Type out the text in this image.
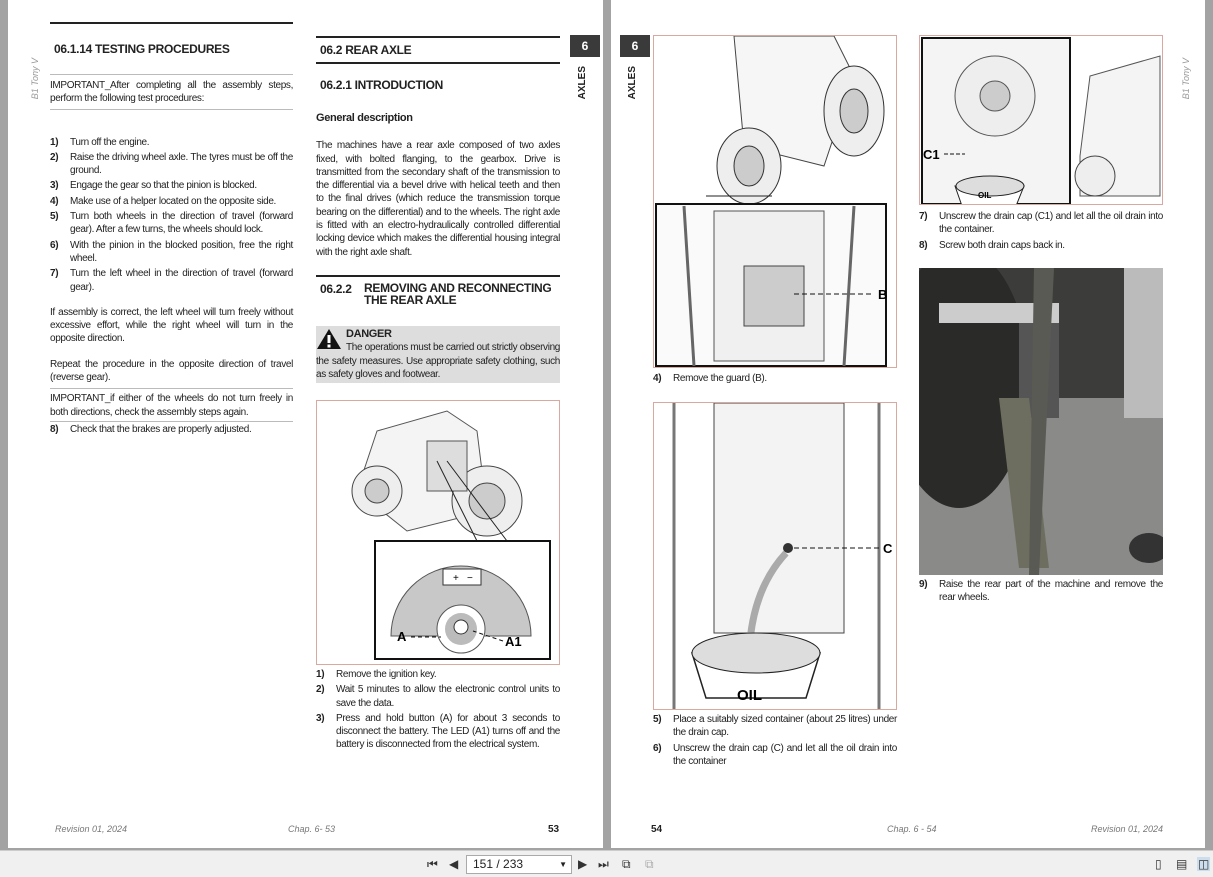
B1 Tony V
06.1.14 TESTING PROCEDURES
IMPORTANT_After completing all the assembly steps, perform the following test procedures:
1)	Turn off the engine.
2)	Raise the driving wheel axle. The tyres must be off the ground.
3)	Engage the gear so that the pinion is blocked.
4)	Make use of a helper located on the opposite side.
5)	Turn both wheels in the direction of travel (forward gear). After a few turns, the wheels should lock.
6)	With the pinion in the blocked position, free the right wheel.
7)	Turn the left wheel in the direction of travel (forward gear).
If assembly is correct, the left wheel will turn freely without excessive effort, while the right wheel will turn in the opposite direction.
Repeat the procedure in the opposite direction of travel (reverse gear).
IMPORTANT_if either of the wheels do not turn freely in both directions, check the assembly steps again.
8)	Check that the brakes are properly adjusted.
06.2 REAR AXLE
06.2.1 INTRODUCTION
General description
The machines have a rear axle composed of two axles fixed, with bolted flanging, to the gearbox. Drive is transmitted from the secondary shaft of the transmission to the differential via a bevel drive with helical teeth and then to the final drives (which reduce the transmission torque bearing on the differential) and to the wheels. The right axle is fitted with an electro-hydraulically controlled differential locking device which makes the differential housing integral with the right axle shaft.
06.2.2	REMOVING AND RECONNECTING THE REAR AXLE
DANGER
The operations must be carried out strictly observing the safety measures. Use appropriate safety clothing, such as safety gloves and footwear.
+ −
A	A1
1)	Remove the ignition key.
2)	Wait 5 minutes to allow the electronic control units to save the data.
3)	Press and hold button (A) for about 3 seconds to disconnect the battery. The LED (A1) turns off and the battery is disconnected from the electrical system.
6
AXLES
Revision 01, 2024	Chap. 6- 53	53
6
AXLES	B1 Tony V
B
4)	Remove the guard (B).
C
OIL
5)	Place a suitably sized container (about 25 litres) under the drain cap.
6)	Unscrew the drain cap (C) and let all the oil drain into the container
OIL
C1
7)	Unscrew the drain cap (C1) and let all the oil drain into the container.
8)	Screw both drain caps back in.
9)	Raise the rear part of the machine and remove the rear wheels.
54	Chap. 6 - 54	Revision 01, 2024
⏮ ◀	151 / 233	▼ ▶ ⏭ ⧉ ⧉	▯ ▤ ◫
